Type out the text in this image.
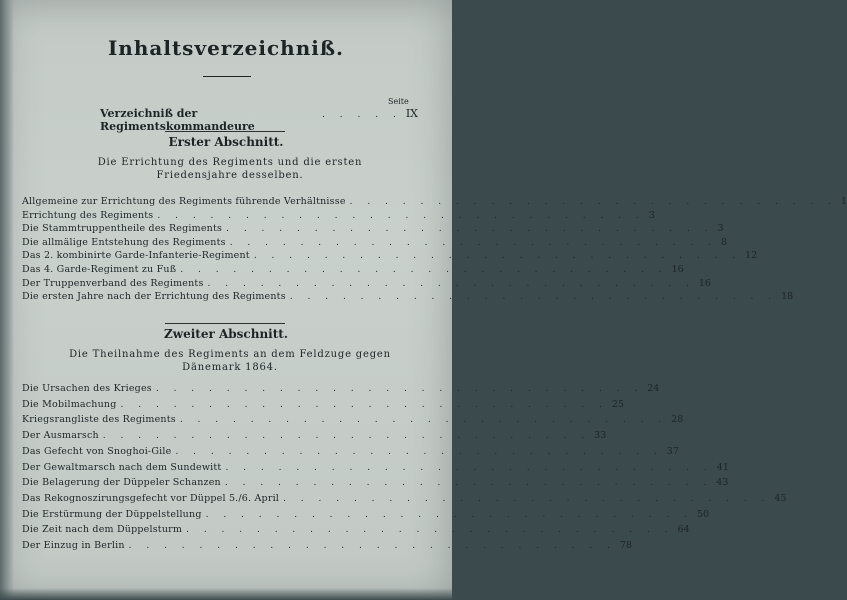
Inhaltsverzeichniß.
Seite
Verzeichniß der Regimentskommandeure
. . . . . IX
Erster Abschnitt.
Die Errichtung des Regiments und die ersten Friedensjahre desselben.
Allgemeine zur Errichtung des Regiments führende Verhältnisse . . . . . . . . . . . . . . . . . . . . . . . . . . . . 1
Errichtung des Regiments . . . . . . . . . . . . . . . . . . . . . . . . . . . . 3
Die Stammtruppentheile des Regiments . . . . . . . . . . . . . . . . . . . . . . . . . . . . 3
Die allmälige Entstehung des Regiments . . . . . . . . . . . . . . . . . . . . . . . . . . . . 8
Das 2. kombinirte Garde-Infanterie-Regiment . . . . . . . . . . . . . . . . . . . . . . . . . . . . 12
Das 4. Garde-Regiment zu Fuß . . . . . . . . . . . . . . . . . . . . . . . . . . . . 16
Der Truppenverband des Regiments . . . . . . . . . . . . . . . . . . . . . . . . . . . . 16
Die ersten Jahre nach der Errichtung des Regiments . . . . . . . . . . . . . . . . . . . . . . . . . . . . 18
Zweiter Abschnitt.
Die Theilnahme des Regiments an dem Feldzuge gegen Dänemark 1864.
Die Ursachen des Krieges . . . . . . . . . . . . . . . . . . . . . . . . . . . . 24
Die Mobilmachung . . . . . . . . . . . . . . . . . . . . . . . . . . . . 25
Kriegsrangliste des Regiments . . . . . . . . . . . . . . . . . . . . . . . . . . . . 28
Der Ausmarsch . . . . . . . . . . . . . . . . . . . . . . . . . . . . 33
Das Gefecht von Snoghoi-Gile . . . . . . . . . . . . . . . . . . . . . . . . . . . . 37
Der Gewaltmarsch nach dem Sundewitt . . . . . . . . . . . . . . . . . . . . . . . . . . . . 41
Die Belagerung der Düppeler Schanzen . . . . . . . . . . . . . . . . . . . . . . . . . . . . 43
Das Rekognoszirungsgefecht vor Düppel 5./6. April . . . . . . . . . . . . . . . . . . . . . . . . . . . . 45
Die Erstürmung der Düppelstellung . . . . . . . . . . . . . . . . . . . . . . . . . . . . 50
Die Zeit nach dem Düppelsturm . . . . . . . . . . . . . . . . . . . . . . . . . . . . 64
Der Einzug in Berlin . . . . . . . . . . . . . . . . . . . . . . . . . . . . 78
